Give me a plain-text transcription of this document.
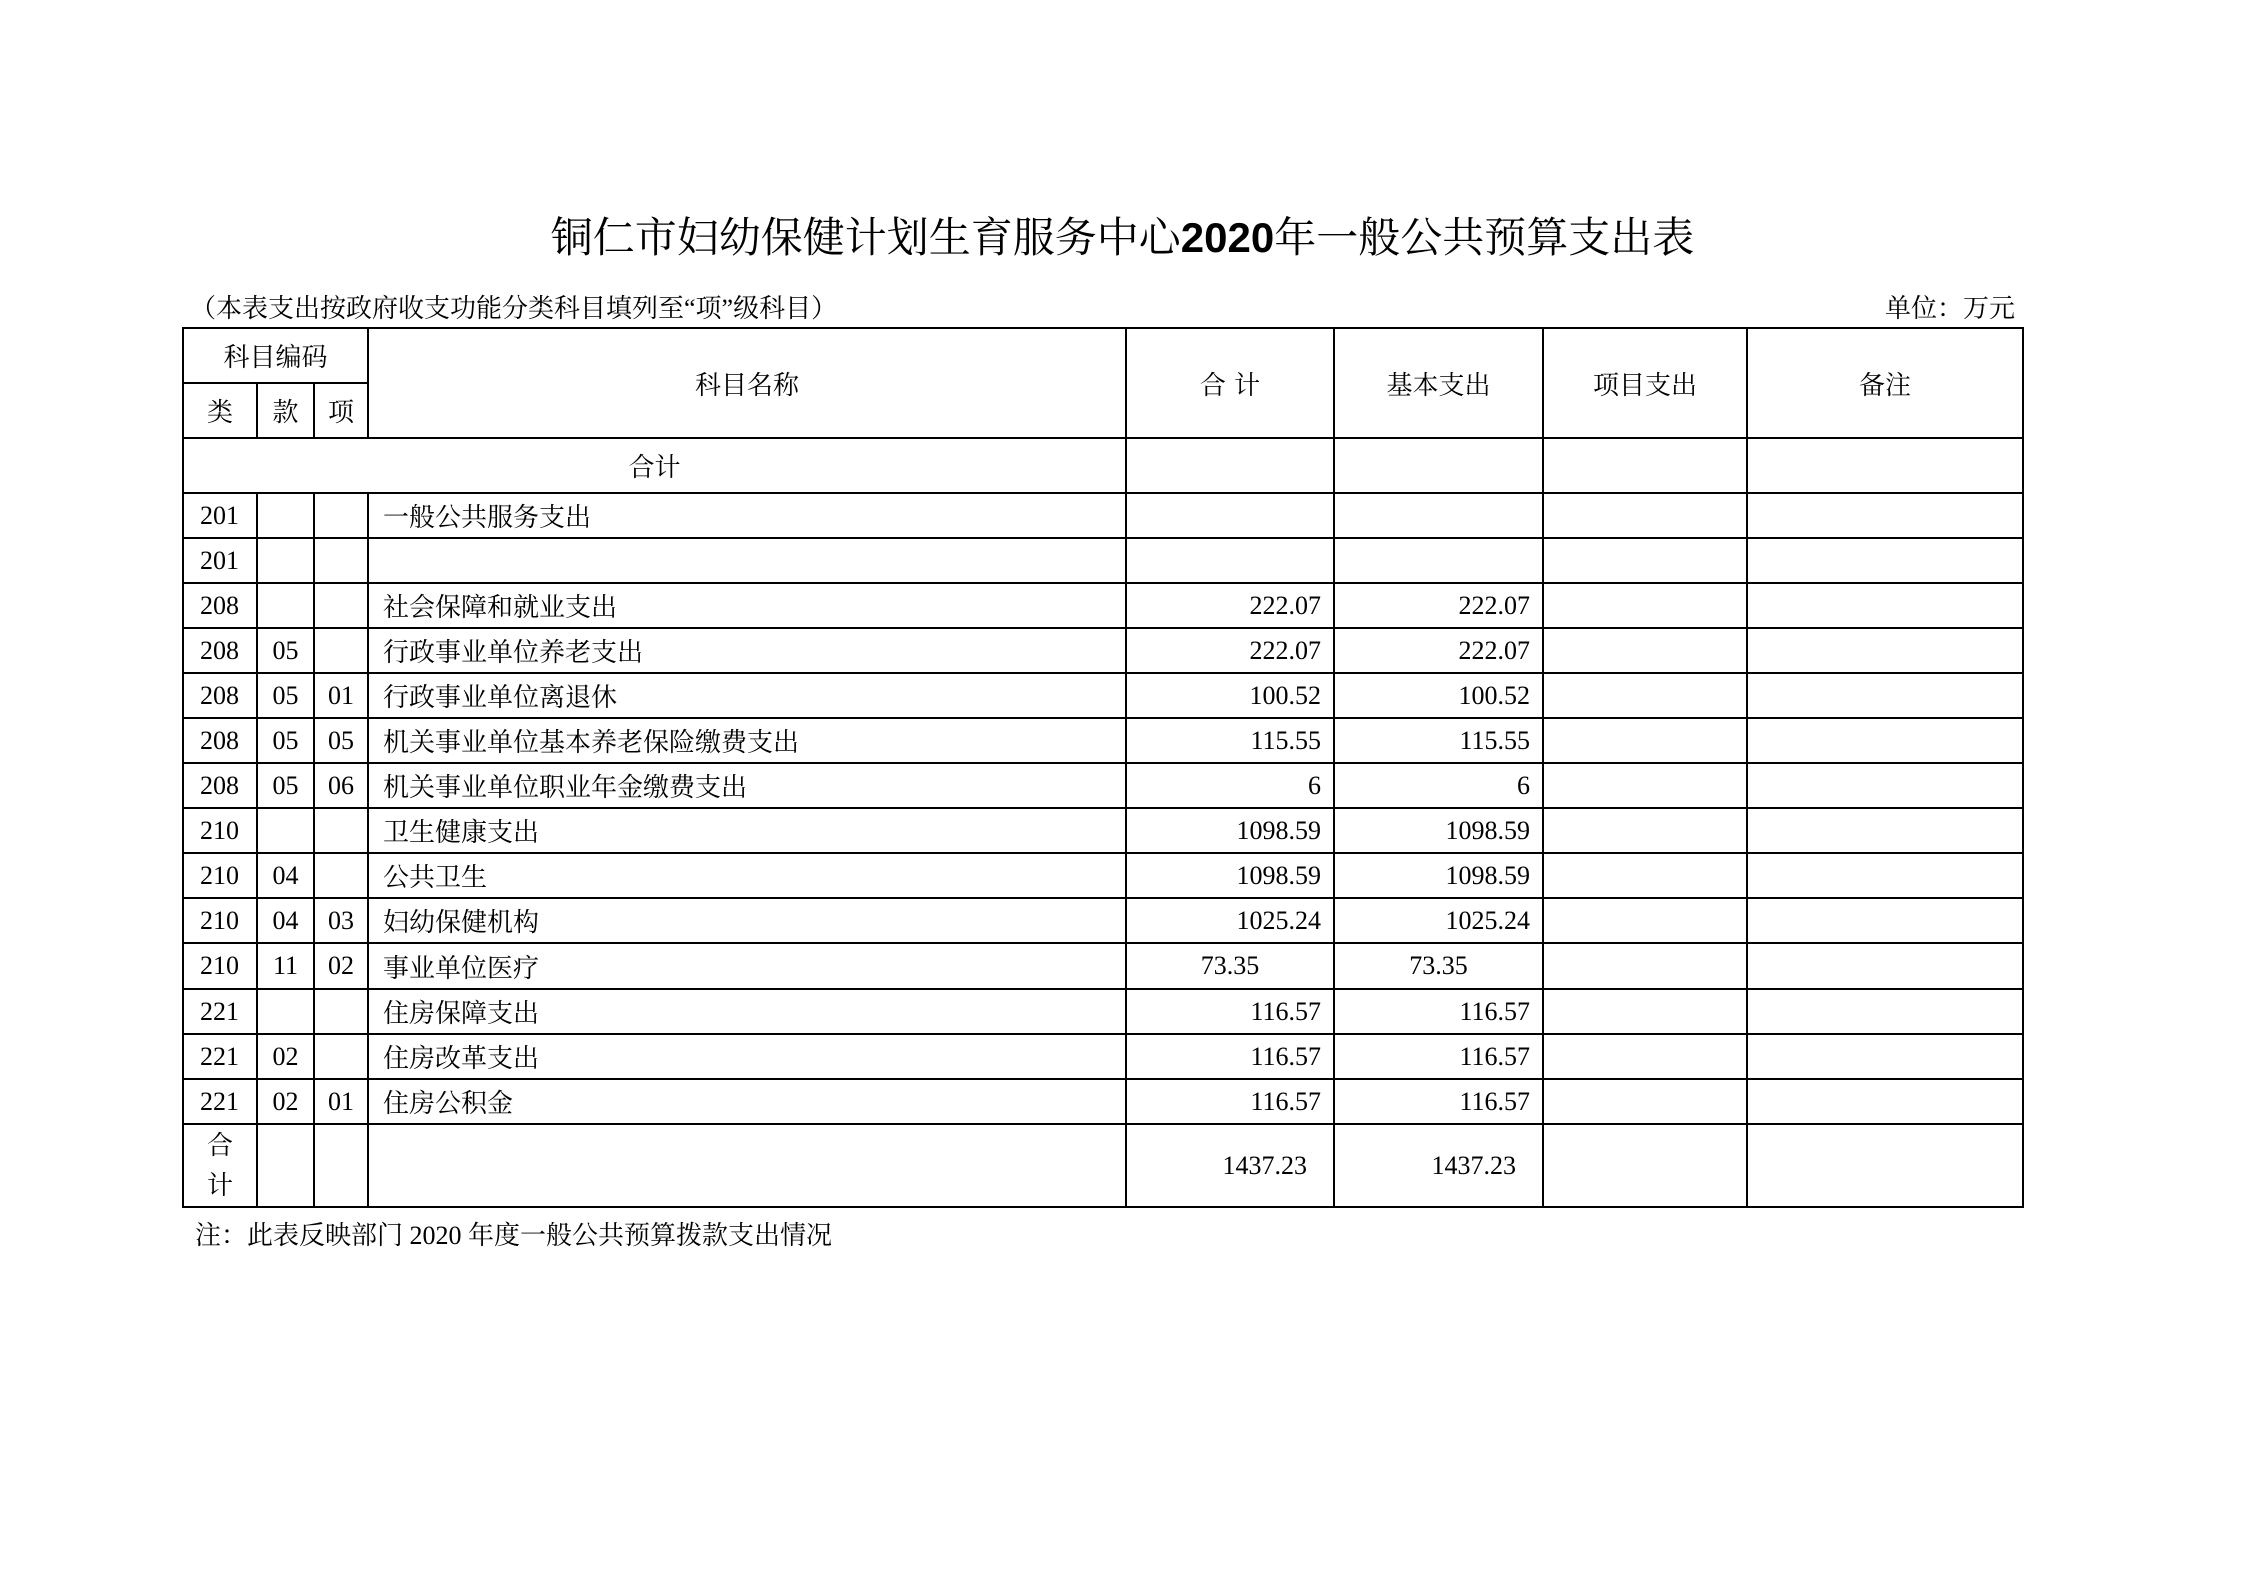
铜仁市妇幼保健计划生育服务中心2020年一般公共预算支出表
（本表支出按政府收支功能分类科目填列至“项”级科目）	单位：万元
科目编码			科目名称	合 计	基本支出	项目支出	备注
类	款	项					
合计							
201			一般公共服务支出				
201							
208			社会保障和就业支出	222.07	222.07		
208	05		行政事业单位养老支出	222.07	222.07		
208	05	01	行政事业单位离退休	100.52	100.52		
208	05	05	机关事业单位基本养老保险缴费支出	115.55	115.55		
208	05	06	机关事业单位职业年金缴费支出	6	6		
210			卫生健康支出	1098.59	1098.59		
210	04		公共卫生	1098.59	1098.59		
210	04	03	妇幼保健机构	1025.24	1025.24		
210	11	02	事业单位医疗	73.35	73.35		
221			住房保障支出	116.57	116.57		
221	02		住房改革支出	116.57	116.57		
221	02	01	住房公积金	116.57	116.57		
合
计				1437.23	1437.23		
注：此表反映部门 2020 年度一般公共预算拨款支出情况
